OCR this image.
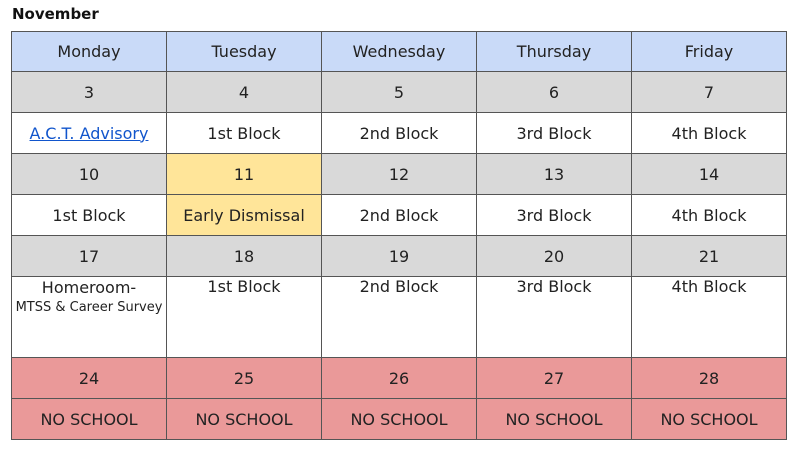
November
Monday	Tuesday	Wednesday	Thursday	Friday
3	4	5	6	7
A.C.T. Advisory	1st Block	2nd Block	3rd Block	4th Block
10	11	12	13	14
1st Block	Early Dismissal	2nd Block	3rd Block	4th Block
17	18	19	20	21

Homeroom-
MTSS & Career Survey	1st Block	2nd Block	3rd Block	4th Block
24	25	26	27	28
NO SCHOOL	NO SCHOOL	NO SCHOOL	NO SCHOOL	NO SCHOOL
